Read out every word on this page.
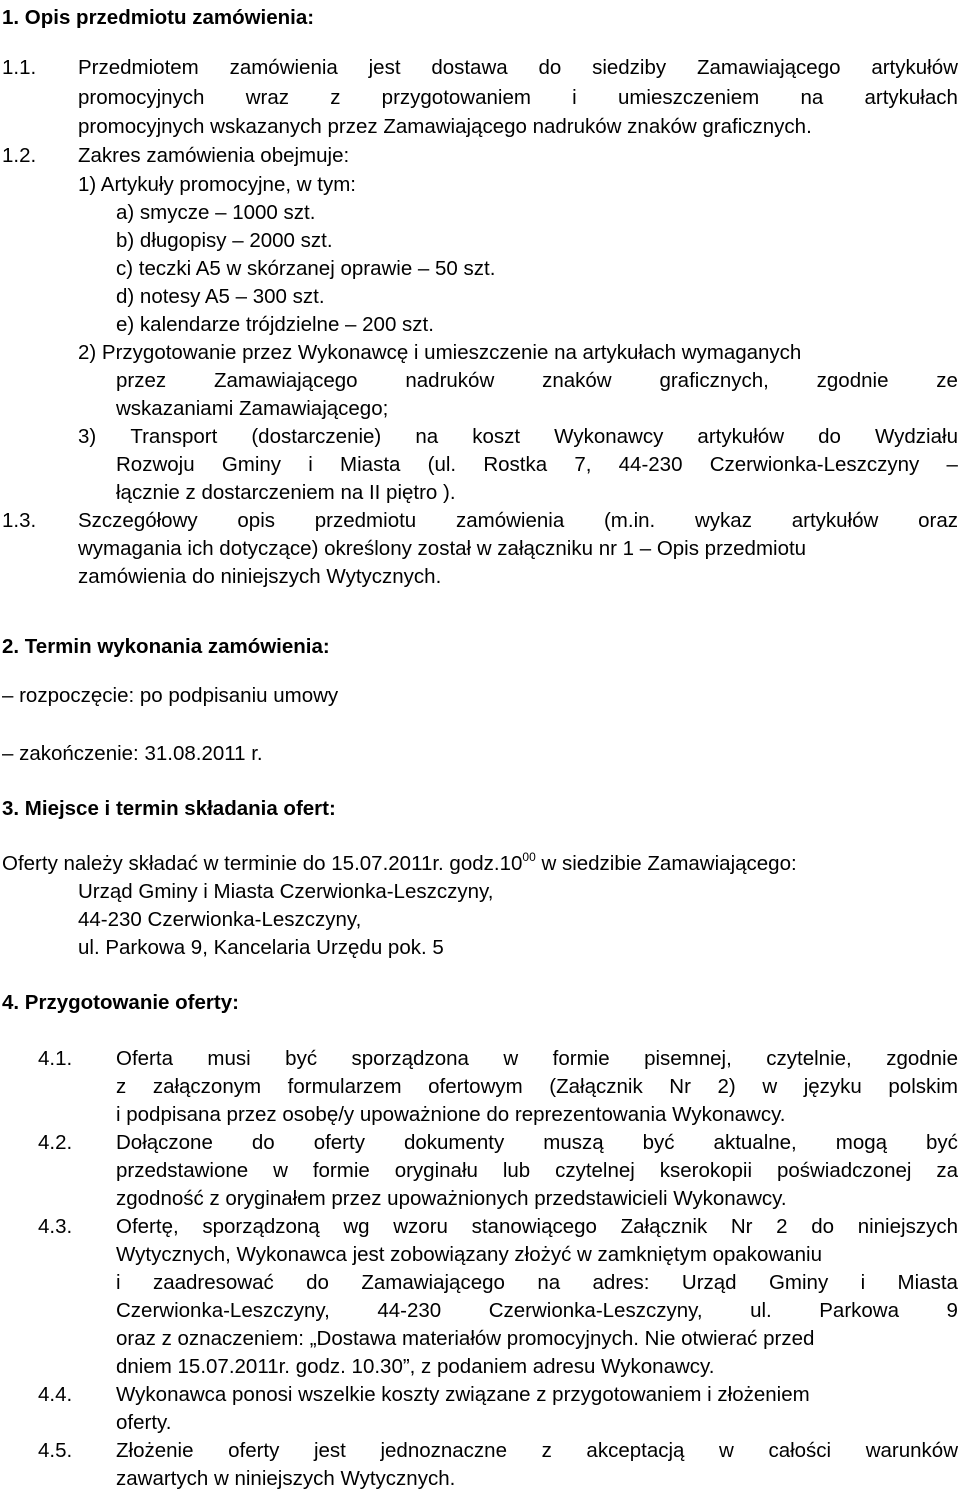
1. Opis przedmiotu zamówienia:
1.1. Przedmiotem zamówienia jest dostawa do siedziby Zamawiającego artykułów
promocyjnych wraz z przygotowaniem i umieszczeniem na artykułach
promocyjnych wskazanych przez Zamawiającego nadruków znaków graficznych.
1.2. Zakres zamówienia obejmuje:
1) Artykuły promocyjne, w tym:
a) smycze – 1000 szt.
b) długopisy – 2000 szt.
c) teczki A5 w skórzanej oprawie – 50 szt.
d) notesy A5 – 300 szt.
e) kalendarze trójdzielne – 200 szt.
2) Przygotowanie przez Wykonawcę i umieszczenie na artykułach wymaganych
przez Zamawiającego nadruków znaków graficznych, zgodnie ze
wskazaniami Zamawiającego;
3) Transport (dostarczenie) na koszt Wykonawcy artykułów do Wydziału
Rozwoju Gminy i Miasta (ul. Rostka 7, 44-230 Czerwionka-Leszczyny –
łącznie z dostarczeniem na II piętro ).
1.3. Szczegółowy opis przedmiotu zamówienia (m.in. wykaz artykułów oraz
wymagania ich dotyczące) określony został w załączniku nr 1 – Opis przedmiotu
zamówienia do niniejszych Wytycznych.
2. Termin wykonania zamówienia:
– rozpoczęcie: po podpisaniu umowy
– zakończenie: 31.08.2011 r.
3. Miejsce i termin składania ofert:
Oferty należy składać w terminie do 15.07.2011r. $godz.10^{00}$ w siedzibie Zamawiającego:
Urząd Gminy i Miasta Czerwionka-Leszczyny,
44-230 Czerwionka-Leszczyny,
ul. Parkowa 9, Kancelaria Urzędu pok. 5
4. Przygotowanie oferty:
4.1. Oferta musi być sporządzona w formie pisemnej, czytelnie, zgodnie
z załączonym formularzem ofertowym (Załącznik Nr 2) w języku polskim
i podpisana przez osobę/y upoważnione do reprezentowania Wykonawcy.
4.2. Dołączone do oferty dokumenty muszą być aktualne, mogą być
przedstawione w formie oryginału lub czytelnej kserokopii poświadczonej za
zgodność z oryginałem przez upoważnionych przedstawicieli Wykonawcy.
4.3. Ofertę, sporządzoną wg wzoru stanowiącego Załącznik Nr 2 do niniejszych
Wytycznych, Wykonawca jest zobowiązany złożyć w zamkniętym opakowaniu
i zaadresować do Zamawiającego na adres: Urząd Gminy i Miasta
Czerwionka-Leszczyny, 44-230 Czerwionka-Leszczyny, ul. Parkowa 9
oraz z oznaczeniem: „Dostawa materiałów promocyjnych. Nie otwierać przed
dniem 15.07.2011r. godz. 10.30”, z podaniem adresu Wykonawcy.
4.4. Wykonawca ponosi wszelkie koszty związane z przygotowaniem i złożeniem
oferty.
4.5. Złożenie oferty jest jednoznaczne z akceptacją w całości warunków
zawartych w niniejszych Wytycznych.
